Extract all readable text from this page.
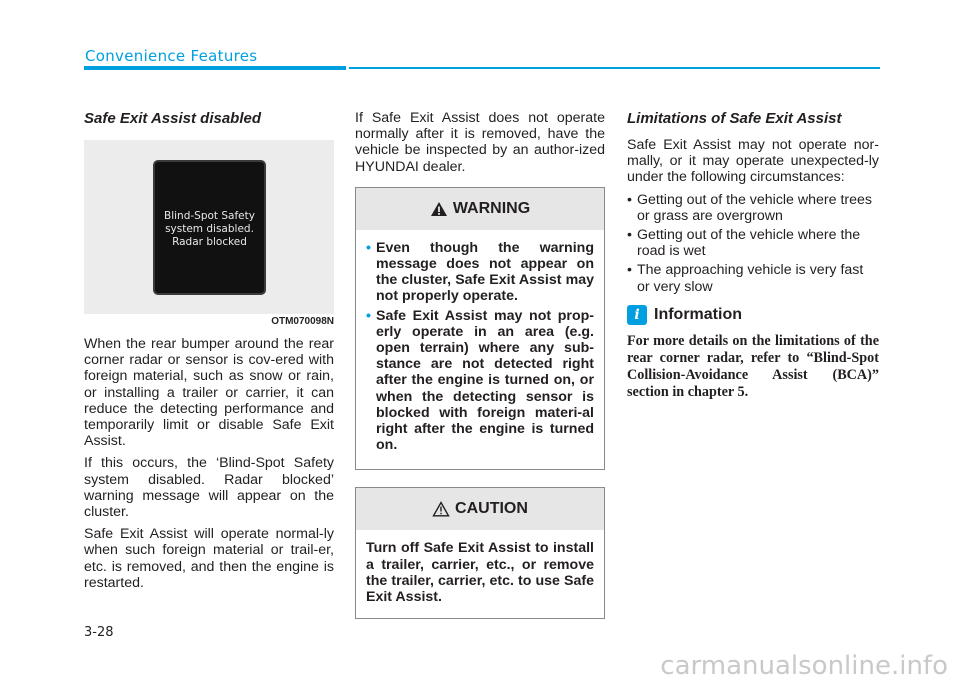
Convenience Features
Safe Exit Assist disabled
Blind-Spot Safety
system disabled.
Radar blocked
OTM070098N

When the rear bumper around the rear corner radar or sensor is cov-ered with foreign material, such as snow or rain, or installing a trailer or carrier, it can reduce the detecting performance and temporarily limit or disable Safe Exit Assist.

If this occurs, the ‘Blind-Spot Safety system disabled. Radar blocked’ warning message will appear on the cluster.

Safe Exit Assist will operate normal-ly when such foreign material or trail-er, etc. is removed, and then the engine is restarted.

If Safe Exit Assist does not operate normally after it is removed, have the vehicle be inspected by an author-ized HYUNDAI dealer.

WARNING
• Even though the warning message does not appear on the cluster, Safe Exit Assist may not properly operate.
• Safe Exit Assist may not prop-erly operate in an area (e.g. open terrain) where any sub-stance are not detected right after the engine is turned on, or when the detecting sensor is blocked with foreign materi-al right after the engine is turned on.
CAUTION
Turn off Safe Exit Assist to install a trailer, carrier, etc., or remove the trailer, carrier, etc. to use Safe Exit Assist.
Limitations of Safe Exit Assist

Safe Exit Assist may not operate nor-mally, or it may operate unexpected-ly under the following circumstances:

• Getting out of the vehicle where trees or grass are overgrown
• Getting out of the vehicle where the road is wet
• The approaching vehicle is very fast or very slow
i Information
For more details on the limitations of the rear corner radar, refer to “Blind-Spot Collision-Avoidance Assist (BCA)” section in chapter 5.
3-28
carmanualsonline.info
